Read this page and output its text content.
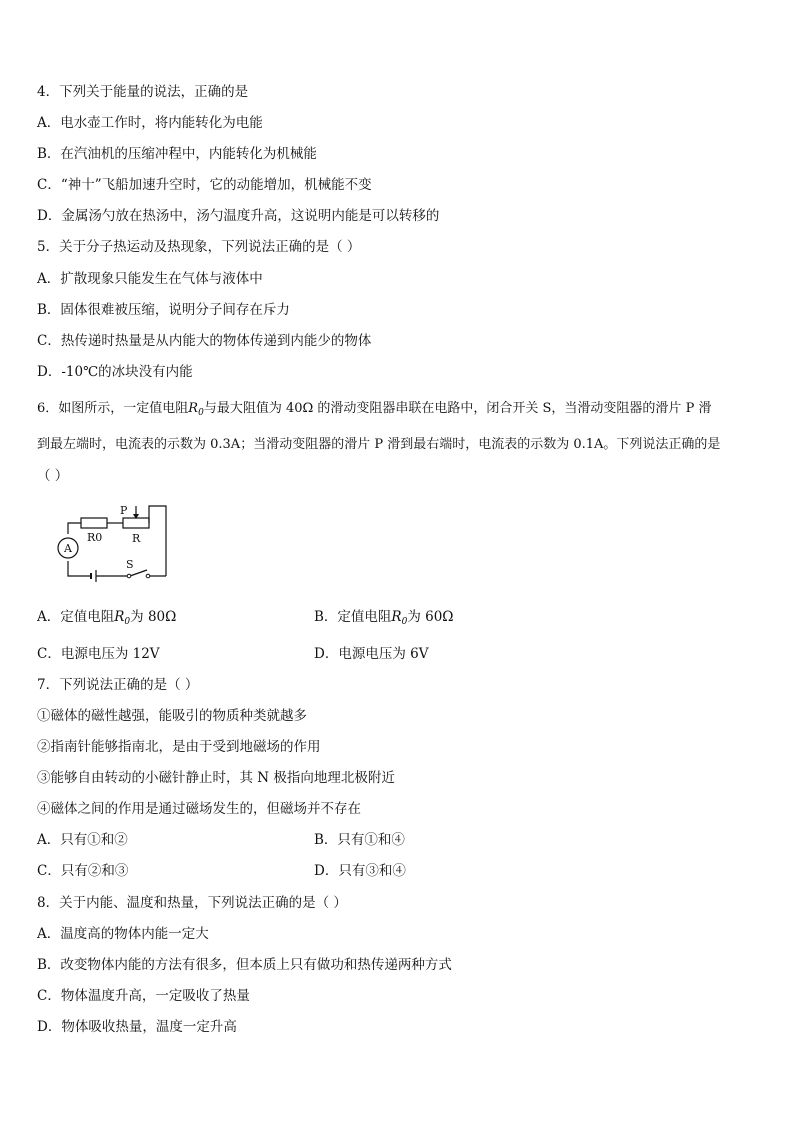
4．下列关于能量的说法，正确的是
A．电水壶工作时，将内能转化为电能
B．在汽油机的压缩冲程中，内能转化为机械能
C．“神十”飞船加速升空时，它的动能增加，机械能不变
D．金属汤勺放在热汤中，汤勺温度升高，这说明内能是可以转移的
5．关于分子热运动及热现象，下列说法正确的是（ ）
A．扩散现象只能发生在气体与液体中
B．固体很难被压缩，说明分子间存在斥力
C．热传递时热量是从内能大的物体传递到内能少的物体
D．-10℃的冰块没有内能
6．如图所示，一定值电阻$R_0$与最大阻值为 40Ω 的滑动变阻器串联在电路中，闭合开关 S，当滑动变阻器的滑片 P 滑
到最左端时，电流表的示数为 0.3A；当滑动变阻器的滑片 P 滑到最右端时，电流表的示数为 0.1A。下列说法正确的是
（ ）
P
R0	R
A
S
A．定值电阻$R_0$为 80Ω	B．定值电阻$R_0$为 60Ω
C．电源电压为 12V	D．电源电压为 6V
7．下列说法正确的是（ ）
①磁体的磁性越强，能吸引的物质种类就越多
②指南针能够指南北，是由于受到地磁场的作用
③能够自由转动的小磁针静止时，其 N 极指向地理北极附近
④磁体之间的作用是通过磁场发生的，但磁场并不存在
A．只有①和②	B．只有①和④
C．只有②和③	D．只有③和④
8．关于内能、温度和热量，下列说法正确的是（ ）
A．温度高的物体内能一定大
B．改变物体内能的方法有很多，但本质上只有做功和热传递两种方式
C．物体温度升高，一定吸收了热量
D．物体吸收热量，温度一定升高
